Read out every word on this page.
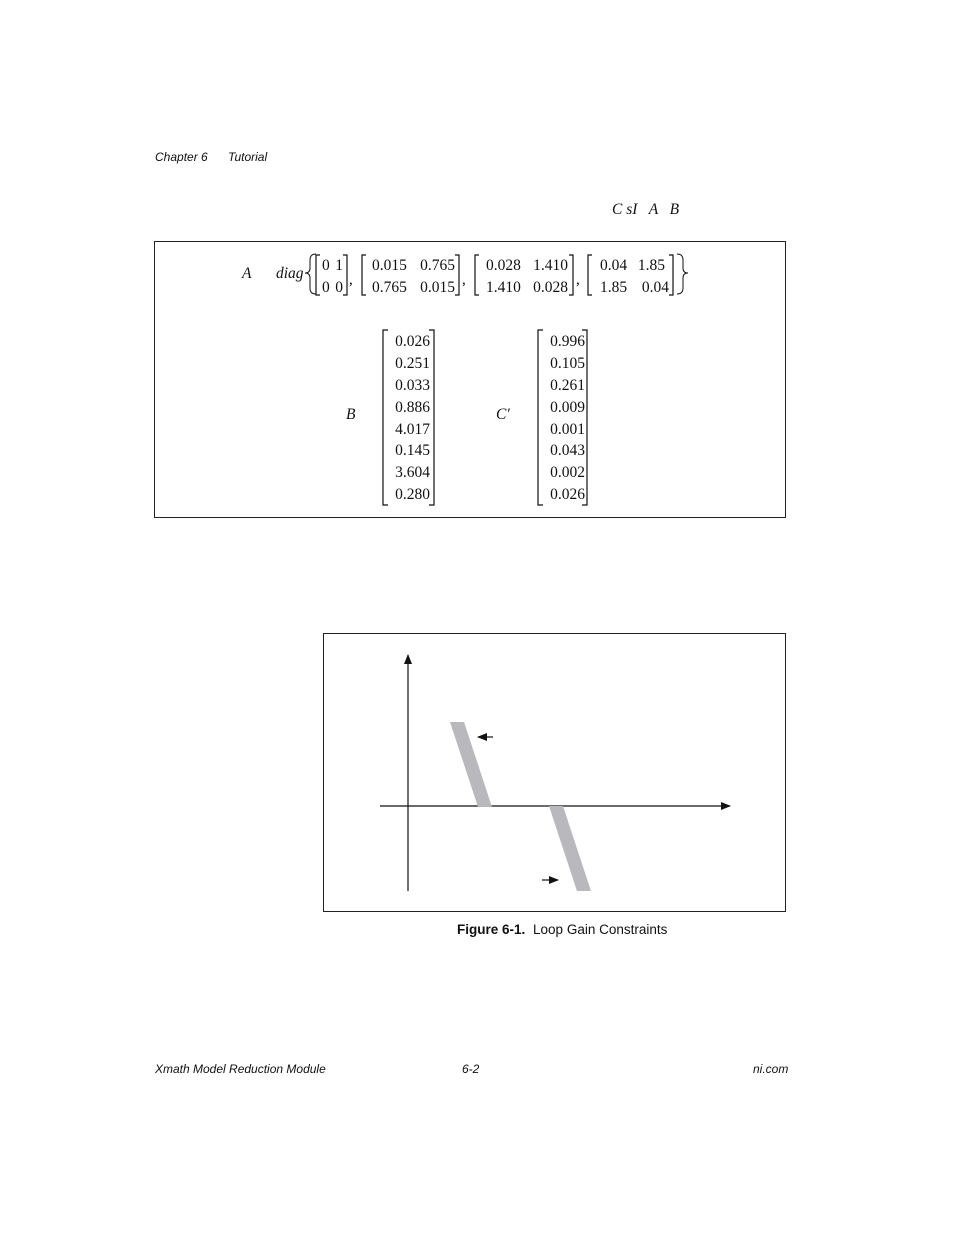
Chapter 6 Tutorial
C sI   A   B
A diag	,	,	,
0 1
0 0
0.015 0.765
0.765 0.015
0.028 1.410
1.410 0.028
0.04 1.85
1.85 0.04
B
0.026
0.251
0.033
0.886
4.017
0.145
3.604
0.280
C′
0.996
0.105
0.261
0.009
0.001
0.043
0.002
0.026
Figure 6-1. Loop Gain Constraints
Xmath Model Reduction Module	6-2	ni.com
